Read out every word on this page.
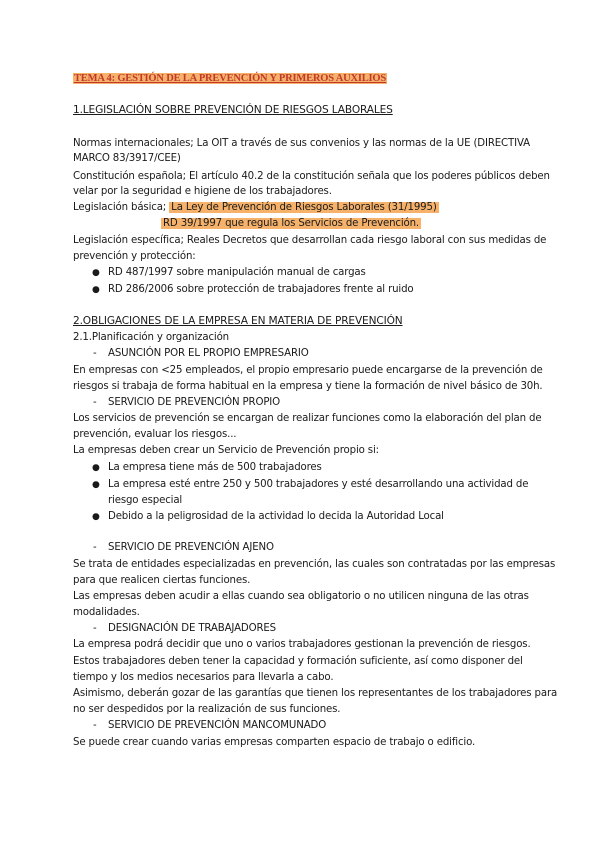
TEMA 4: GESTIÓN DE LA PREVENCIÓN Y PRIMEROS AUXILIOS
1.LEGISLACIÓN SOBRE PREVENCIÓN DE RIESGOS LABORALES
Normas internacionales; La OIT a través de sus convenios y las normas de la UE (DIRECTIVA
MARCO 83/3917/CEE)
Constitución española; El artículo 40.2 de la constitución señala que los poderes públicos deben
velar por la seguridad e higiene de los trabajadores.
Legislación básica; La Ley de Prevención de Riesgos Laborales (31/1995)
RD 39/1997 que regula los Servicios de Prevención.
Legislación específica; Reales Decretos que desarrollan cada riesgo laboral con sus medidas de
prevención y protección:
● RD 487/1997 sobre manipulación manual de cargas
● RD 286/2006 sobre protección de trabajadores frente al ruido
2.OBLIGACIONES DE LA EMPRESA EN MATERIA DE PREVENCIÓN
2.1.Planificación y organización
- ASUNCIÓN POR EL PROPIO EMPRESARIO
En empresas con <25 empleados, el propio empresario puede encargarse de la prevención de
riesgos si trabaja de forma habitual en la empresa y tiene la formación de nivel básico de 30h.
- SERVICIO DE PREVENCIÓN PROPIO
Los servicios de prevención se encargan de realizar funciones como la elaboración del plan de
prevención, evaluar los riesgos...
La empresas deben crear un Servicio de Prevención propio si:
● La empresa tiene más de 500 trabajadores
● La empresa esté entre 250 y 500 trabajadores y esté desarrollando una actividad de
riesgo especial
● Debido a la peligrosidad de la actividad lo decida la Autoridad Local
- SERVICIO DE PREVENCIÓN AJENO
Se trata de entidades especializadas en prevención, las cuales son contratadas por las empresas
para que realicen ciertas funciones.
Las empresas deben acudir a ellas cuando sea obligatorio o no utilicen ninguna de las otras
modalidades.
- DESIGNACIÓN DE TRABAJADORES
La empresa podrá decidir que uno o varios trabajadores gestionan la prevención de riesgos.
Estos trabajadores deben tener la capacidad y formación suficiente, así como disponer del
tiempo y los medios necesarios para llevarla a cabo.
Asimismo, deberán gozar de las garantías que tienen los representantes de los trabajadores para
no ser despedidos por la realización de sus funciones.
- SERVICIO DE PREVENCIÓN MANCOMUNADO
Se puede crear cuando varias empresas comparten espacio de trabajo o edificio.
